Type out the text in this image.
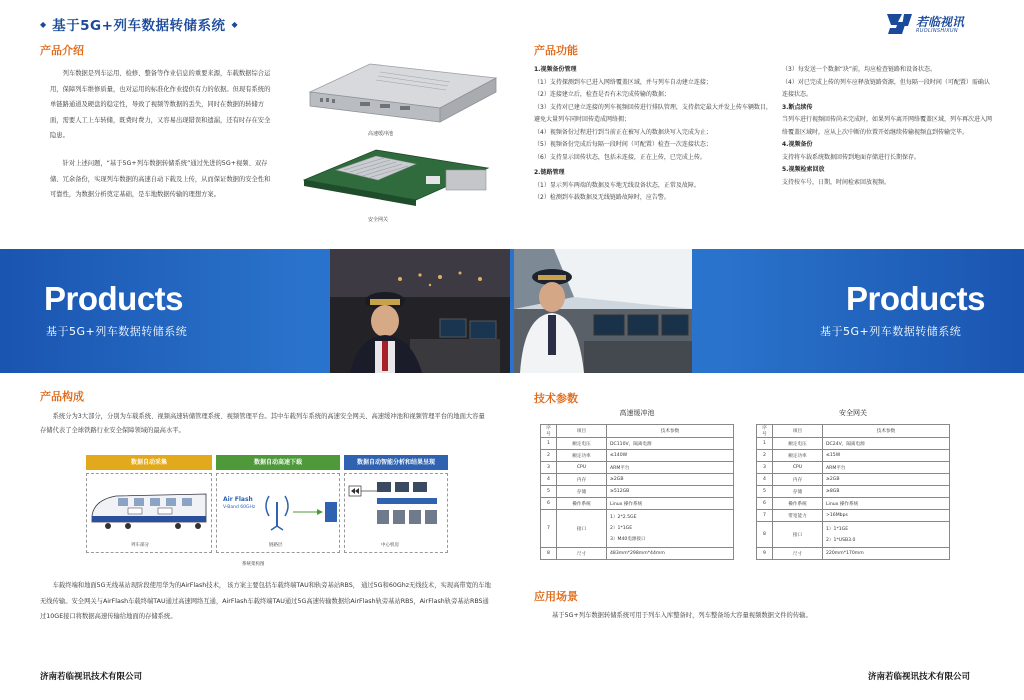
◆ 基于5G+列车数据转储系统 ◆	若临视讯
RUOLINSHIXUN
产品介绍
列车数据是列车运用、检修、整备等作业信息的重要来源，车载数据综合运用，保障列车维修质量，也对运用的标准化作业提供有力的依据。但现有系统的单链路通道及硬盘的稳定性，导致了视频等数据的丢失，同时在数据的转储方面，需要人工上车转储，既费时费力，又容易出现错误和遗漏，还有时存在安全隐患。
针对上述问题，“基于5G+列车数据转储系统”通过先进的5G+视频、双存储、冗余备份，实现列车数据的高速自动下载及上传，从而保证数据的安全性和可靠性，为数据分析奠定基础，是车地数据传输的理想方案。
高速缓冲池
安全网关
产品功能
1.视频备份管理
（1）支持探测到车已进入网络覆盖区域，并与列车自动建立连接；
（2）连接建立后，检查是否有未完成传输的数据；
（3）支持对已建立连接的列车视频回传进行排队管理，支持指定最大并发上传车辆数目，避免大量列车同时回传造成网络拥；
（4）视频备份过程进行到当前正在被写入的数据块写入完成为止；
（5）视频备份完成后每隔一段时间（可配置）检查一次连接状态；
（6）支持显示回传状态，包括未连接，正在上传，已完成上传。
2.链路管理
（1）显示列车两端的数据及车地无线设备状态，正常及故障。
（2）检测到车载数据及无线链路故障时，应告警。
（3）每发送一个数据“块”前，均应检查链路和设备状态。
（4）对已完成上传的列车应释放链路资源，但每隔一段时间（可配置）需确认连接状态。
3.断点续传
当列车进行视频回传尚未完成时，如果列车离开网络覆盖区域，列车再次进入网络覆盖区域时，应从上次中断的位置开始继续传输视频直到传输完毕。
4.视频备份
支持将车载系统数据回传到地面存储进行长期保存。
5.视频检索回放
支持按车号，日期，时间检索回放视频。
Products
基于5G+列车数据转储系统
Products
基于5G+列车数据转储系统
产品构成
系统分为3大部分，分别为车载系统、视频高速转储管理系统、视频管理平台。其中车载列车系统的高速安全网关、高速缓冲池和视频管理平台的地面大容量存储代表了全球铁路行业安全保障领域的最高水平。
数据自动采集	数据自动高速下载	数据自动智能分析和结果呈现
列车部分
Air Flash
V-Band 60GHz
链路层	中心机房
系统架构图
车载终端和地面5G无线基站现阶段使用华为的AirFlash技术， 该方案主要包括车载终端TAU和轨旁基站RBS， 通过5G和60Ghz无线技术，实现高带宽的车地无线传输。安全网关与AirFlash车载终端TAU通过高速网络互通，AirFlash车载终端TAU通过5G高速传输数据给AirFlash轨旁基站RBS，AirFlash轨旁基站RBS通过10GE接口将数据高速传输给地面的存储系统。
技术参数
高速缓冲池
序号	项目	技术参数
1	额定电压	DC110V，隔离电源
2	额定功率	≤140W
3	CPU	ARM平台
4	内存	≥2GB
5	存储	≥512GB
6	操作系统	Linux 操作系统
7	接口	1）2*2.5GE
2）1*1GE
3）M40电源接口

8	尺寸	483mm*298mm*44mm
安全网关
序号	项目	技术参数
1	额定电压	DC24V，隔离电源
2	额定功率	≤15W
3	CPU	ARM平台
4	内存	≥2GB
5	存储	≥8GB
6	操作系统	Linux 操作系统
7	带宽能力	>16Mbps
8	接口	1）1*1GE
2）1*USB3.0

9	尺寸	220mm*170mm
应用场景
基于5G+列车数据转储系统可用于列车入库整备时，列车整备场大容量视频数据文件的传输。
济南若临视讯技术有限公司	济南若临视讯技术有限公司
